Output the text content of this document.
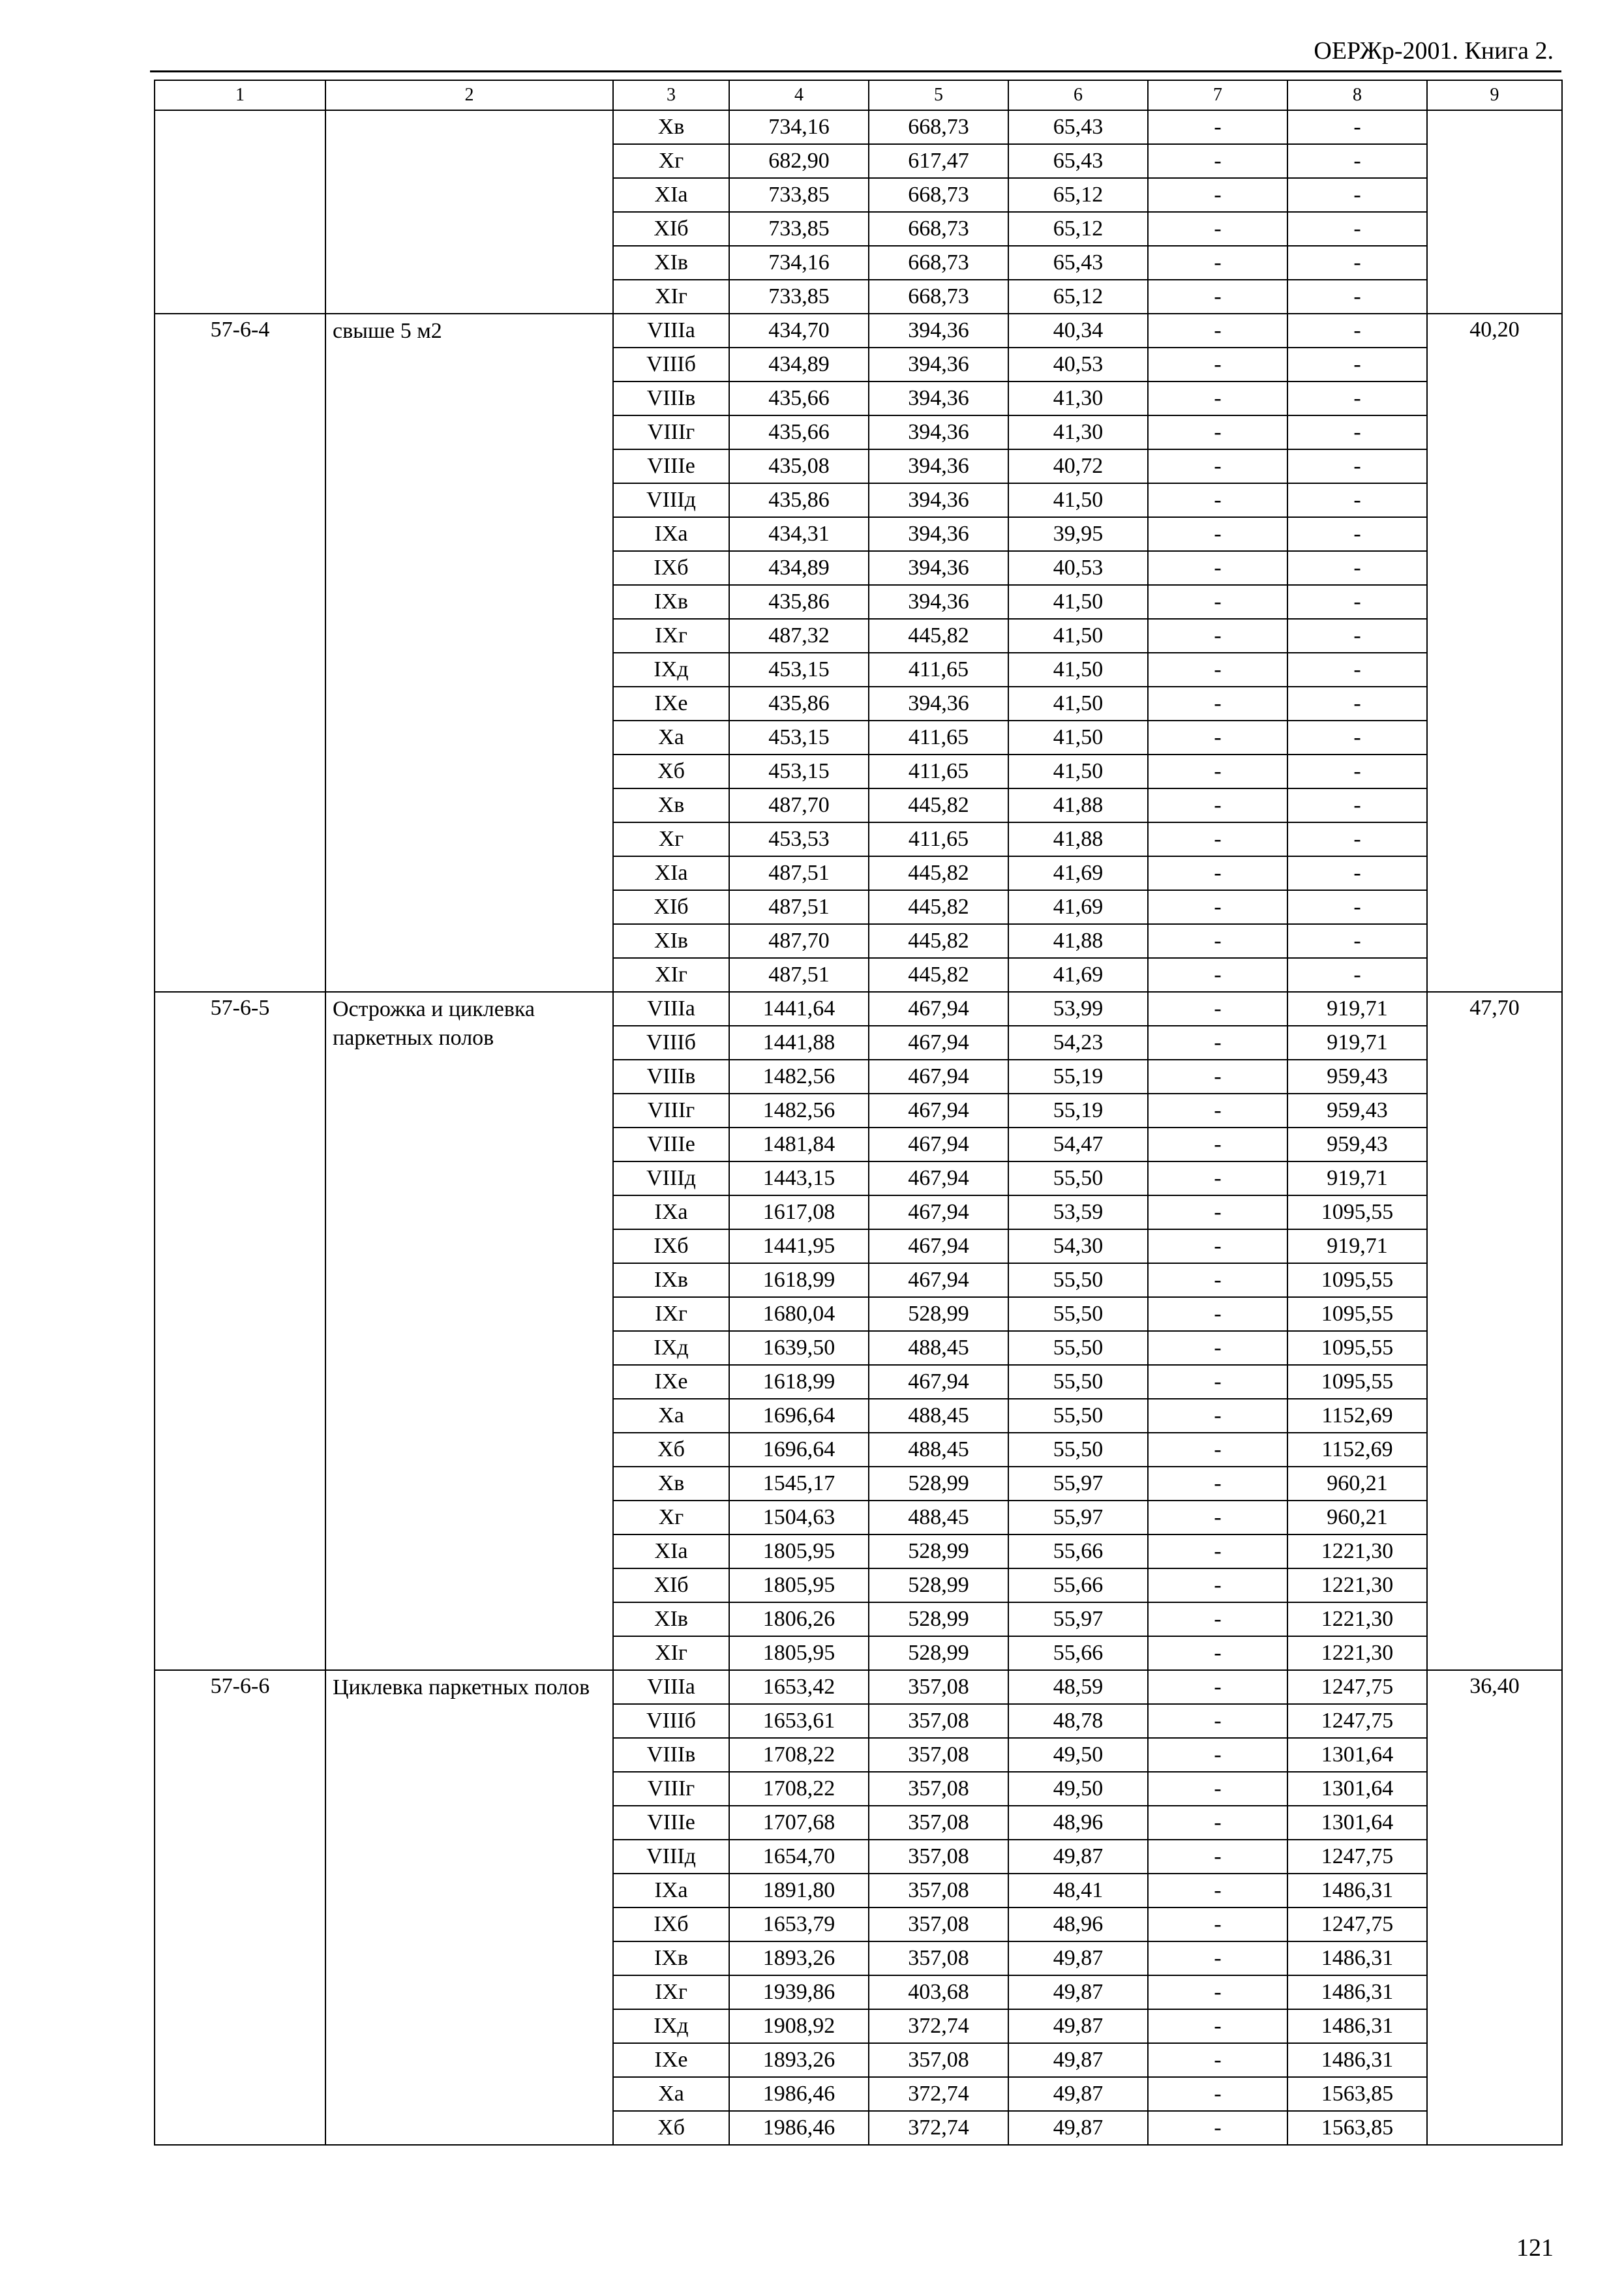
ОЕРЖр-2001. Книга 2.
1	2	3	4	5	6	7	8	9
		Xв	734,16	668,73	65,43	-	-	
		Xг	682,90	617,47	65,43	-	-	
		XIа	733,85	668,73	65,12	-	-	
		XIб	733,85	668,73	65,12	-	-	
		XIв	734,16	668,73	65,43	-	-	
		XIг	733,85	668,73	65,12	-	-	
57-6-4	свыше 5 м2	VIIIа	434,70	394,36	40,34	-	-	40,20
		VIIIб	434,89	394,36	40,53	-	-	
		VIIIв	435,66	394,36	41,30	-	-	
		VIIIг	435,66	394,36	41,30	-	-	
		VIIIе	435,08	394,36	40,72	-	-	
		VIIIд	435,86	394,36	41,50	-	-	
		IXа	434,31	394,36	39,95	-	-	
		IXб	434,89	394,36	40,53	-	-	
		IXв	435,86	394,36	41,50	-	-	
		IXг	487,32	445,82	41,50	-	-	
		IXд	453,15	411,65	41,50	-	-	
		IXе	435,86	394,36	41,50	-	-	
		Xа	453,15	411,65	41,50	-	-	
		Xб	453,15	411,65	41,50	-	-	
		Xв	487,70	445,82	41,88	-	-	
		Xг	453,53	411,65	41,88	-	-	
		XIа	487,51	445,82	41,69	-	-	
		XIб	487,51	445,82	41,69	-	-	
		XIв	487,70	445,82	41,88	-	-	
		XIг	487,51	445,82	41,69	-	-	
57-6-5	Острожка и циклевка паркетных полов	VIIIа	1441,64	467,94	53,99	-	919,71	47,70
		VIIIб	1441,88	467,94	54,23	-	919,71	
		VIIIв	1482,56	467,94	55,19	-	959,43	
		VIIIг	1482,56	467,94	55,19	-	959,43	
		VIIIе	1481,84	467,94	54,47	-	959,43	
		VIIIд	1443,15	467,94	55,50	-	919,71	
		IXа	1617,08	467,94	53,59	-	1095,55	
		IXб	1441,95	467,94	54,30	-	919,71	
		IXв	1618,99	467,94	55,50	-	1095,55	
		IXг	1680,04	528,99	55,50	-	1095,55	
		IXд	1639,50	488,45	55,50	-	1095,55	
		IXе	1618,99	467,94	55,50	-	1095,55	
		Xа	1696,64	488,45	55,50	-	1152,69	
		Xб	1696,64	488,45	55,50	-	1152,69	
		Xв	1545,17	528,99	55,97	-	960,21	
		Xг	1504,63	488,45	55,97	-	960,21	
		XIа	1805,95	528,99	55,66	-	1221,30	
		XIб	1805,95	528,99	55,66	-	1221,30	
		XIв	1806,26	528,99	55,97	-	1221,30	
		XIг	1805,95	528,99	55,66	-	1221,30	
57-6-6	Циклевка паркетных полов	VIIIа	1653,42	357,08	48,59	-	1247,75	36,40
		VIIIб	1653,61	357,08	48,78	-	1247,75	
		VIIIв	1708,22	357,08	49,50	-	1301,64	
		VIIIг	1708,22	357,08	49,50	-	1301,64	
		VIIIе	1707,68	357,08	48,96	-	1301,64	
		VIIIд	1654,70	357,08	49,87	-	1247,75	
		IXа	1891,80	357,08	48,41	-	1486,31	
		IXб	1653,79	357,08	48,96	-	1247,75	
		IXв	1893,26	357,08	49,87	-	1486,31	
		IXг	1939,86	403,68	49,87	-	1486,31	
		IXд	1908,92	372,74	49,87	-	1486,31	
		IXе	1893,26	357,08	49,87	-	1486,31	
		Xа	1986,46	372,74	49,87	-	1563,85	
		Xб	1986,46	372,74	49,87	-	1563,85	
121
